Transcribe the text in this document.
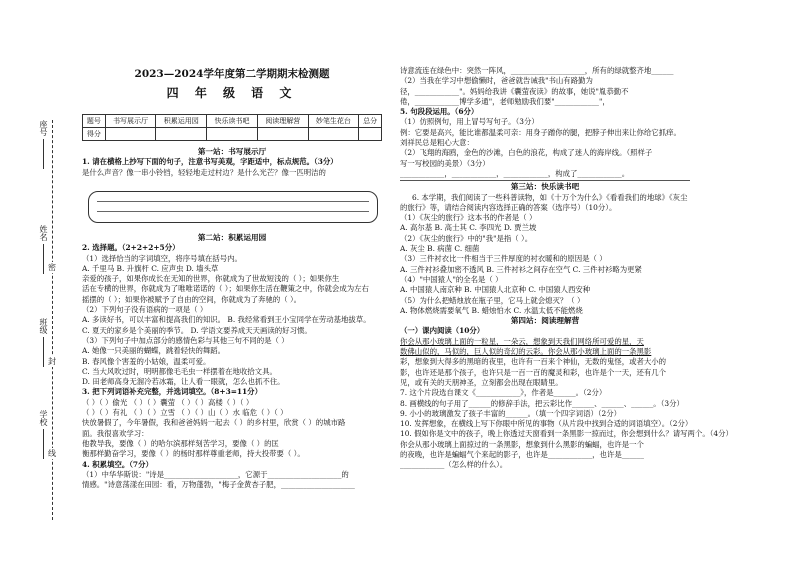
座号
姓名
班级
学校
密
封
线
2023—2024学年度第二学期期末检测题
四 年 级 语 文
题号	书写展示厅	积累运用园	快乐读书吧	阅读理解营	妙笔生花台	总分
得分						
第一站：书写展示厅
1. 请在横格上抄写下面的句子，注意书写美观，字距适中，标点规范。（3分）
是什么声音？像一串小铃铛，轻轻地走过村边？是什么光芒？像一匹明洁的
第二站：积累运用园
2. 选择题。（2+2+2+5分）
（1）选择恰当的字词填空，将序号填在括号内。
A. 千里马 B. 升旗杆 C. 应声虫 D. 墙头草
亲爱的孩子，如果你成长在无知的世界，你就成为了世故短浅的（ ）；如果你生
活在专横的世界，你就成为了唯唯诺诺的（ ）；如果你生活在鞭策之中，你就会成为左右
摇摆的（ ）；如果你被赋予了自由的空间，你就成为了奔驰的（ ）。
（2）下列句子没有语病的一项是（ ）
A. 多读好书，可以丰富和提高我们的知识。 B. 我经常看到王小宝同学在劳动基地拔草。
C. 夏天的家乡是个美丽的季节。 D. 学语文要养成天天画读的好习惯。
（3）下列句子中加点部分的感情色彩与其他三句不同的是（ ）
A. 她像一只美丽的蝴蝶，跳着轻快的舞蹈。
B. 春风像个害羞的小姑娘，温柔可爱。
C. 当大风吹过时，明明都像毛毛虫一样摆着在地收拾文具。
D. 田老师高身无溜冷若冰霜，让人看一眼就，怎么也抓不住。
3. 把下列词语补充完整，并选词填空。（8+3=11分）
（ ）（ ）偷光 （ ）（ ）囊萤 （ ）（ ）高楼（ ）（ ）
（ ）（ ）有礼 （ ）（ ）立雪 （ ）（ ）山（ ）水 临危（ ）（ ）
快放暑假了，今年暑假，我和爸爸妈妈一起去（ ）的乡村里，欣赏（ ）的城市路
面。我很喜欢学习：
他教导我，要像（ ）的哈尔滨那样刻苦学习，要像（ ）的匡
衡那样勤奋学习，要像（ ）的杨时那样尊重老师，持大投带要（ ）。
4. 积累填空。（7分）
（1）中华华斯说："诗是____________________，它源于____________________的
情感。"诗意荡漾在田园：看，万物蓬勃，"梅子金黄杏子肥，____________________
诗意流连在绿色中：突然一阵风，____________________，所有的绿就整齐地______
（2）当我在学习中想偷懒时，爸爸就告诫我"书山有路勤为
径，____________"。妈妈给我讲《囊萤夜读》的故事，她说"胤恭勤不
倦，____________博学多通"，老师勉励我们要"____________"，
5. 句段段运用。（6分）
（1）仿照例句，用上冒号写句子。（3分）
例：它要是高兴，能比谁都温柔可亲：用身子蹭你的腿，把脖子伸出来让你给它抓痒。
刘祥民总是粗心大意：
（2）飞翔的海鸥，金色的沙滩，白色的浪花，构成了迷人的海岸线。（照样子
写一写校园的美景）（3分）
____________，____________，____________，构成了____________。
第三站：快乐读书吧
6. 本学期，我们阅读了一些科普读物，如《十万个为什么》《看看我们的地球》《灰尘的旅行》等，请结合阅读内容选择正确的答案（选序号）（10分）。
（1）《灰尘的旅行》这本书的作者是（ ）
A. 高尔基 B. 高士其 C. 李四光 D. 贾兰坡
（2）《灰尘的旅行》中的"我"是指（ ）。
A. 灰尘 B. 病菌 C. 细菌
（3）三件衬衣比一件相当于三件厚度的衬衣暖和的原因是（ ）
A. 三件衬衫叠加密不透风 B. 三件衬衫之间存在空气 C. 三件衬衫略为更紧
（4）"中国猿人"的全名是（ ）
A. 中国猿人南京种 B. 中国猿人北京种 C. 中国猿人西安种
（5）为什么把蜡烛放在瓶子里，它马上就会熄灭？（ ）
A. 物体燃烧需要氧气 B. 蜡烛怕水 C. 水温太低不能燃烧
第四站：阅读理解营
（一）课内阅读（10分）
你会从那小玻璃上面的一粒星，一朵云，想象到天我们网络所可爱的星，天
数佛山似的，马似的，巨人似的奇幻的云彩。你会从那小玻璃上面的一条黑影
彩，想象到大得多的黑暗的夜里，也许有一百来个神仙，无数的鬼怪，或者大小的
影，也许还是那个孩子，也许只是一百一百的魔灵和彩，也许是个一天，还有几个
见，或有关的天朋神圣，立刻都会出现在眼睛里。
7. 这个片段选自课文《____________》，作者是______。（2分）
8. 画横线的句子用了______的修辞手法，把云彩比作______、______、______。（3分）
9. 小小的玻璃激发了孩子丰富的______。（填一个四字词语）（2分）
10. 发挥想象，在横线上写下你眼中所见的事物（从片段中找到合适的词语填空）。（2分）
10. 假如你是文中的孩子，晚上你透过天窗看到一条黑影一掠而过，你会想到什么？请写两个。（4分）
你会从那小玻璃上面掠过的一条黑影，想象到什么黑影的蝙蝠，也许是一个
的夜晚，也许是蝙蝠气个来起的影子，也许是____________，也许是______
____________（怎么样的什么）。
